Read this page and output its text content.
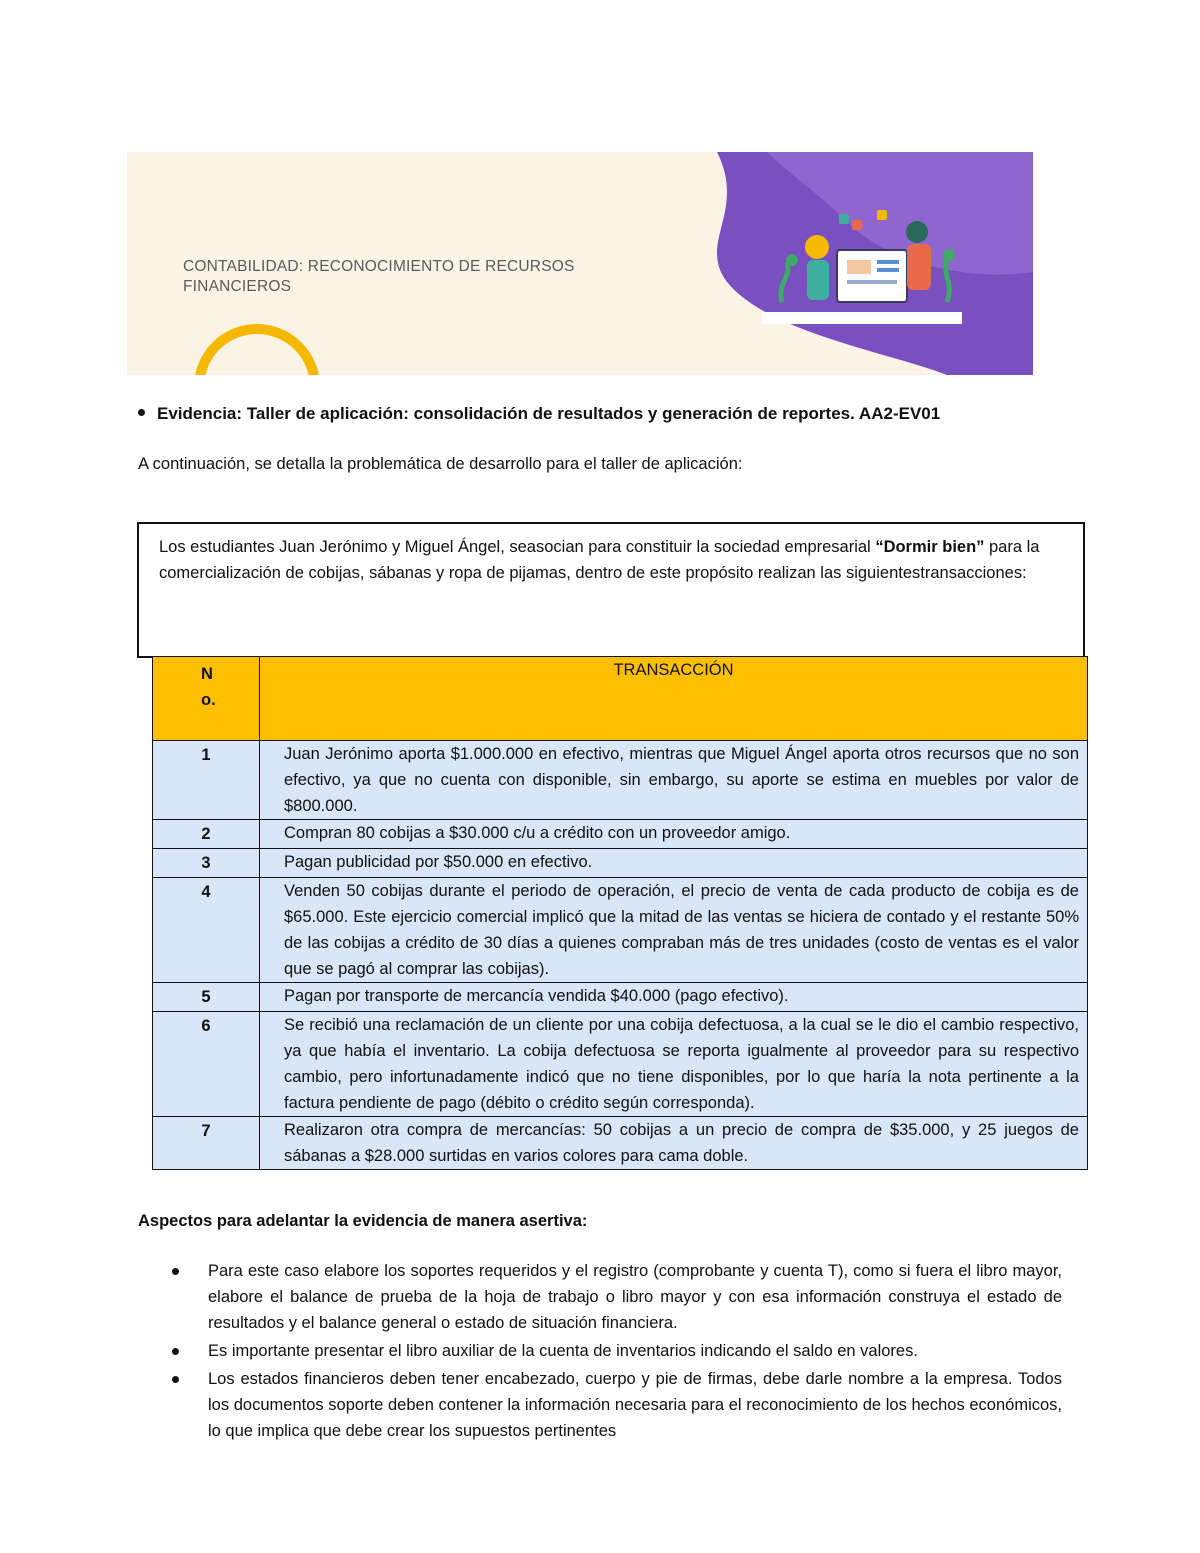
CONTABILIDAD: RECONOCIMIENTO DE RECURSOS
FINANCIEROS
Evidencia: Taller de aplicación: consolidación de resultados y generación de reportes. AA2-EV01
A continuación, se detalla la problemática de desarrollo para el taller de aplicación:

Los estudiantes Juan Jerónimo y Miguel Ángel, seasocian para constituir la sociedad empresarial “Dormir bien” para la comercialización de cobijas, sábanas y ropa de pijamas, dentro de este propósito realizan las siguientestransacciones:

No.	TRANSACCIÓN
1	Juan Jerónimo aporta $1.000.000 en efectivo, mientras que Miguel Ángel aporta otros recursos que no son efectivo, ya que no cuenta con disponible, sin embargo, su aporte se estima en muebles por valor de $800.000.
2	Compran 80 cobijas a $30.000 c/u a crédito con un proveedor amigo.
3	Pagan publicidad por $50.000 en efectivo.
4	Venden 50 cobijas durante el periodo de operación, el precio de venta de cada producto de cobija es de $65.000. Este ejercicio comercial implicó que la mitad de las ventas se hiciera de contado y el restante 50% de las cobijas a crédito de 30 días a quienes compraban más de tres unidades (costo de ventas es el valor que se pagó al comprar las cobijas).
5	Pagan por transporte de mercancía vendida $40.000 (pago efectivo).
6	Se recibió una reclamación de un cliente por una cobija defectuosa, a la cual se le dio el cambio respectivo, ya que había el inventario. La cobija defectuosa se reporta igualmente al proveedor para su respectivo cambio, pero infortunadamente indicó que no tiene disponibles, por lo que haría la nota pertinente a la factura pendiente de pago (débito o crédito según corresponda).
7	Realizaron otra compra de mercancías: 50 cobijas a un precio de compra de $35.000, y 25 juegos de sábanas a $28.000 surtidas en varios colores para cama doble.
Aspectos para adelantar la evidencia de manera asertiva:
Para este caso elabore los soportes requeridos y el registro (comprobante y cuenta T), como si fuera el libro mayor, elabore el balance de prueba de la hoja de trabajo o libro mayor y con esa información construya el estado de resultados y el balance general o estado de situación financiera.
Es importante presentar el libro auxiliar de la cuenta de inventarios indicando el saldo en valores.
Los estados financieros deben tener encabezado, cuerpo y pie de firmas, debe darle nombre a la empresa. Todos los documentos soporte deben contener la información necesaria para el reconocimiento de los hechos económicos, lo que implica que debe crear los supuestos pertinentes
